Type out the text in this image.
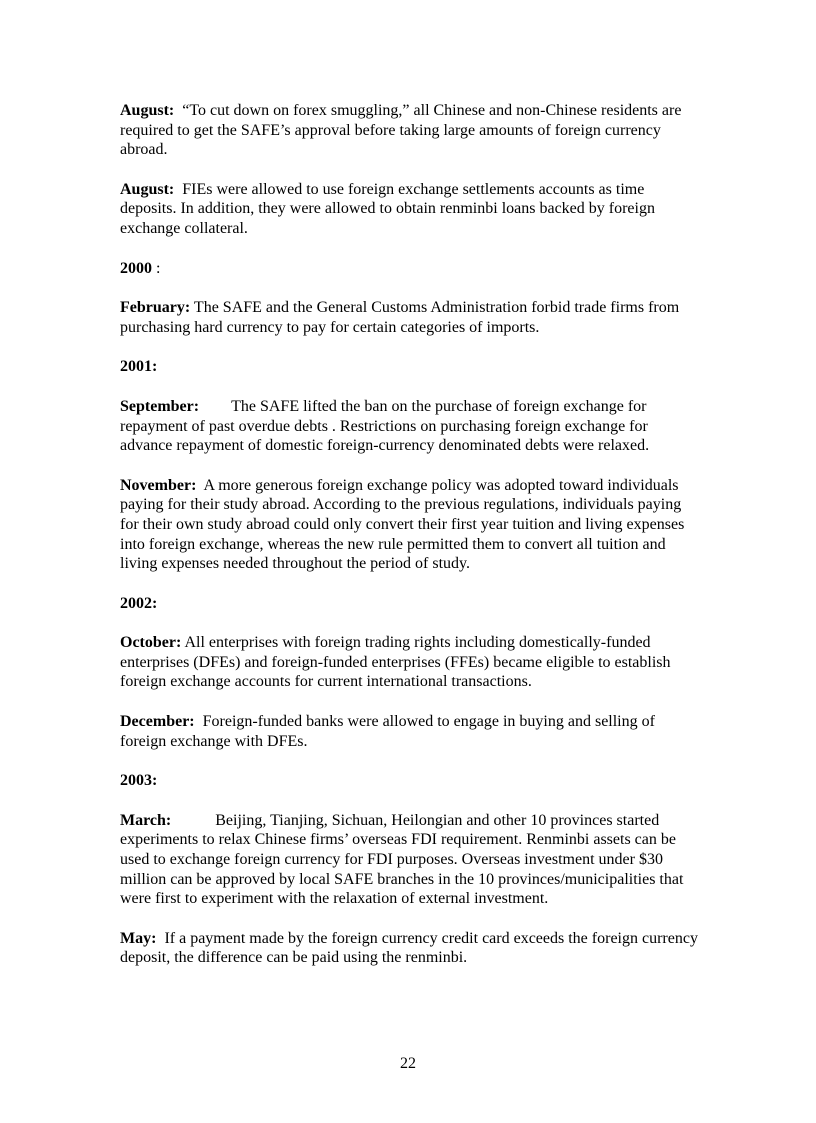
August: “To cut down on forex smuggling,” all Chinese and non-Chinese residents are required to get the SAFE’s approval before taking large amounts of foreign currency abroad.

August: FIEs were allowed to use foreign exchange settlements accounts as time deposits. In addition, they were allowed to obtain renminbi loans backed by foreign exchange collateral.

2000 :

February: The SAFE and the General Customs Administration forbid trade firms from purchasing hard currency to pay for certain categories of imports.

2001:

September: The SAFE lifted the ban on the purchase of foreign exchange for repayment of past overdue debts . Restrictions on purchasing foreign exchange for advance repayment of domestic foreign-currency denominated debts were relaxed.

November: A more generous foreign exchange policy was adopted toward individuals paying for their study abroad. According to the previous regulations, individuals paying for their own study abroad could only convert their first year tuition and living expenses into foreign exchange, whereas the new rule permitted them to convert all tuition and living expenses needed throughout the period of study.

2002:

October: All enterprises with foreign trading rights including domestically-funded enterprises (DFEs) and foreign-funded enterprises (FFEs) became eligible to establish foreign exchange accounts for current international transactions.

December: Foreign-funded banks were allowed to engage in buying and selling of foreign exchange with DFEs.

2003:

March:	Beijing, Tianjing, Sichuan, Heilongian and other 10 provinces started experiments to relax Chinese firms’ overseas FDI requirement. Renminbi assets can be used to exchange foreign currency for FDI purposes. Overseas investment under $30 million can be approved by local SAFE branches in the 10 provinces/municipalities that were first to experiment with the relaxation of external investment.

May: If a payment made by the foreign currency credit card exceeds the foreign currency deposit, the difference can be paid using the renminbi.

22
